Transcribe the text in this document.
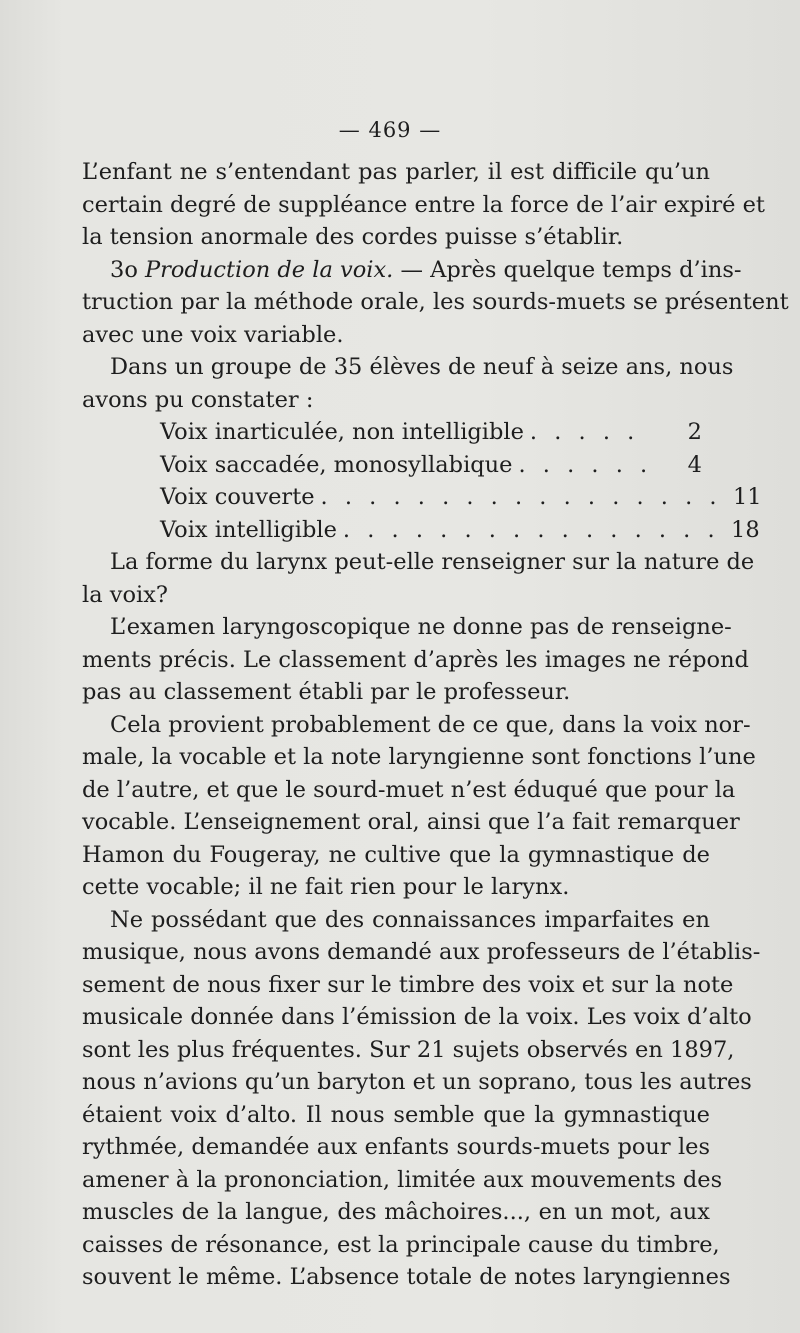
— 469 —
L’enfant ne s’entendant pas parler, il est difficile qu’un
certain degré de suppléance entre la force de l’air expiré et
la tension anormale des cordes puisse s’établir.
3o Production de la voix. — Après quelque temps d’ins-
truction par la méthode orale, les sourds-muets se présentent
avec une voix variable.
Dans un groupe de 35 élèves de neuf à seize ans, nous
avons pu constater :
Voix inarticulée, non intelligible . . . . .	2
Voix saccadée, monosyllabique . . . . . .	4
Voix couverte . . . . . . . . . . . . . . . . . 11
Voix intelligible . . . . . . . . . . . . . . . . 18
La forme du larynx peut-elle renseigner sur la nature de
la voix?
L’examen laryngoscopique ne donne pas de renseigne-
ments précis. Le classement d’après les images ne répond
pas au classement établi par le professeur.
Cela provient probablement de ce que, dans la voix nor-
male, la vocable et la note laryngienne sont fonctions l’une
de l’autre, et que le sourd-muet n’est éduqué que pour la
vocable. L’enseignement oral, ainsi que l’a fait remarquer
Hamon du Fougeray, ne cultive que la gymnastique de
cette vocable; il ne fait rien pour le larynx.
Ne possédant que des connaissances imparfaites en
musique, nous avons demandé aux professeurs de l’établis-
sement de nous fixer sur le timbre des voix et sur la note
musicale donnée dans l’émission de la voix. Les voix d’alto
sont les plus fréquentes. Sur 21 sujets observés en 1897,
nous n’avions qu’un baryton et un soprano, tous les autres
étaient voix d’alto. Il nous semble que la gymnastique
rythmée, demandée aux enfants sourds-muets pour les
amener à la prononciation, limitée aux mouvements des
muscles de la langue, des mâchoires..., en un mot, aux
caisses de résonance, est la principale cause du timbre,
souvent le même. L’absence totale de notes laryngiennes
